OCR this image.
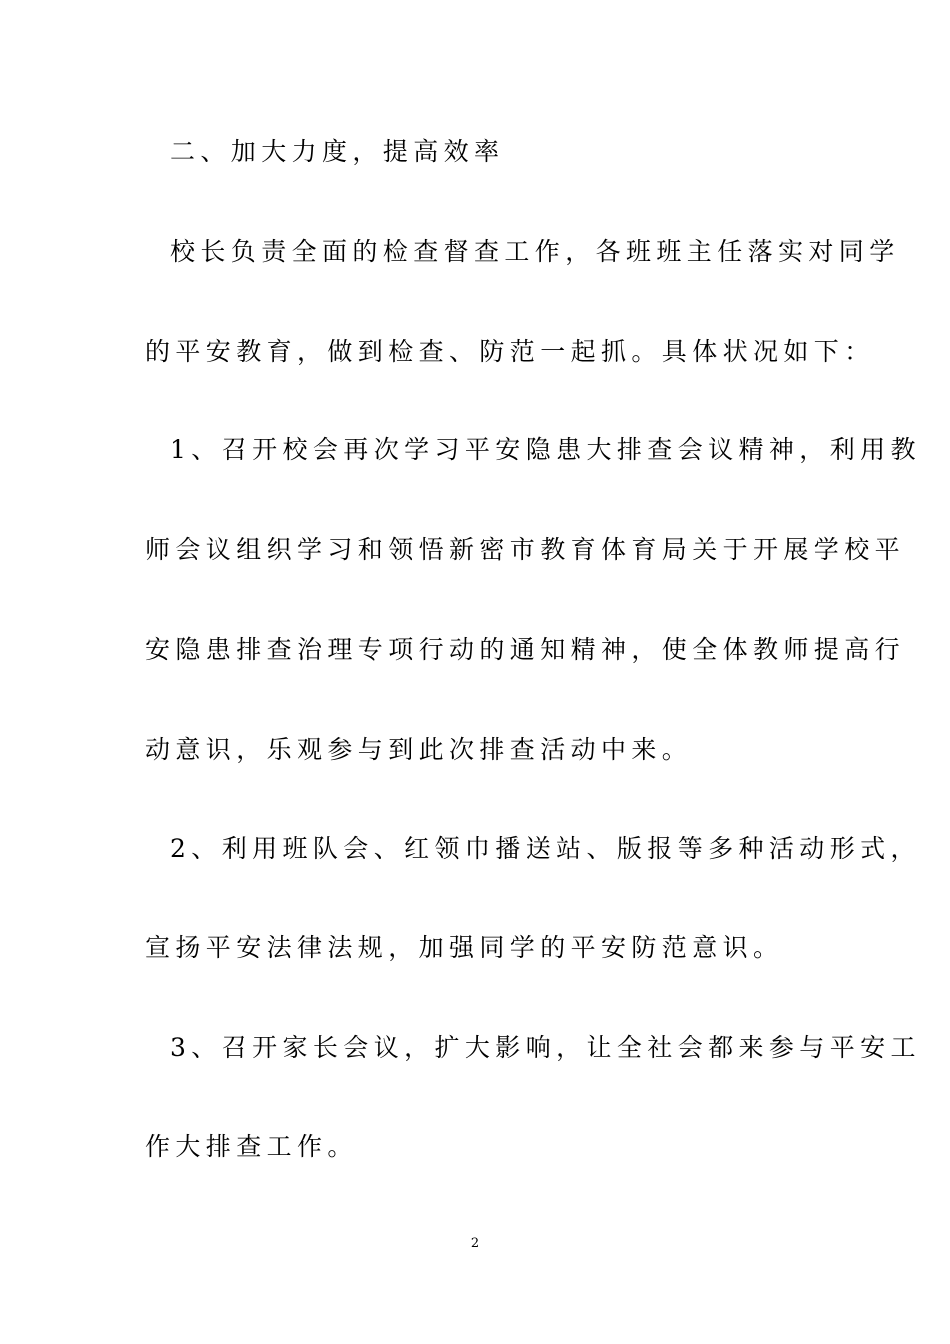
二、加大力度，提高效率
校长负责全面的检查督查工作，各班班主任落实对同学
的平安教育，做到检查、防范一起抓。具体状况如下：
1、召开校会再次学习平安隐患大排查会议精神，利用教
师会议组织学习和领悟新密市教育体育局关于开展学校平
安隐患排查治理专项行动的通知精神，使全体教师提高行
动意识，乐观参与到此次排查活动中来。
2、利用班队会、红领巾播送站、版报等多种活动形式，
宣扬平安法律法规，加强同学的平安防范意识。
3、召开家长会议，扩大影响，让全社会都来参与平安工
作大排查工作。
2
